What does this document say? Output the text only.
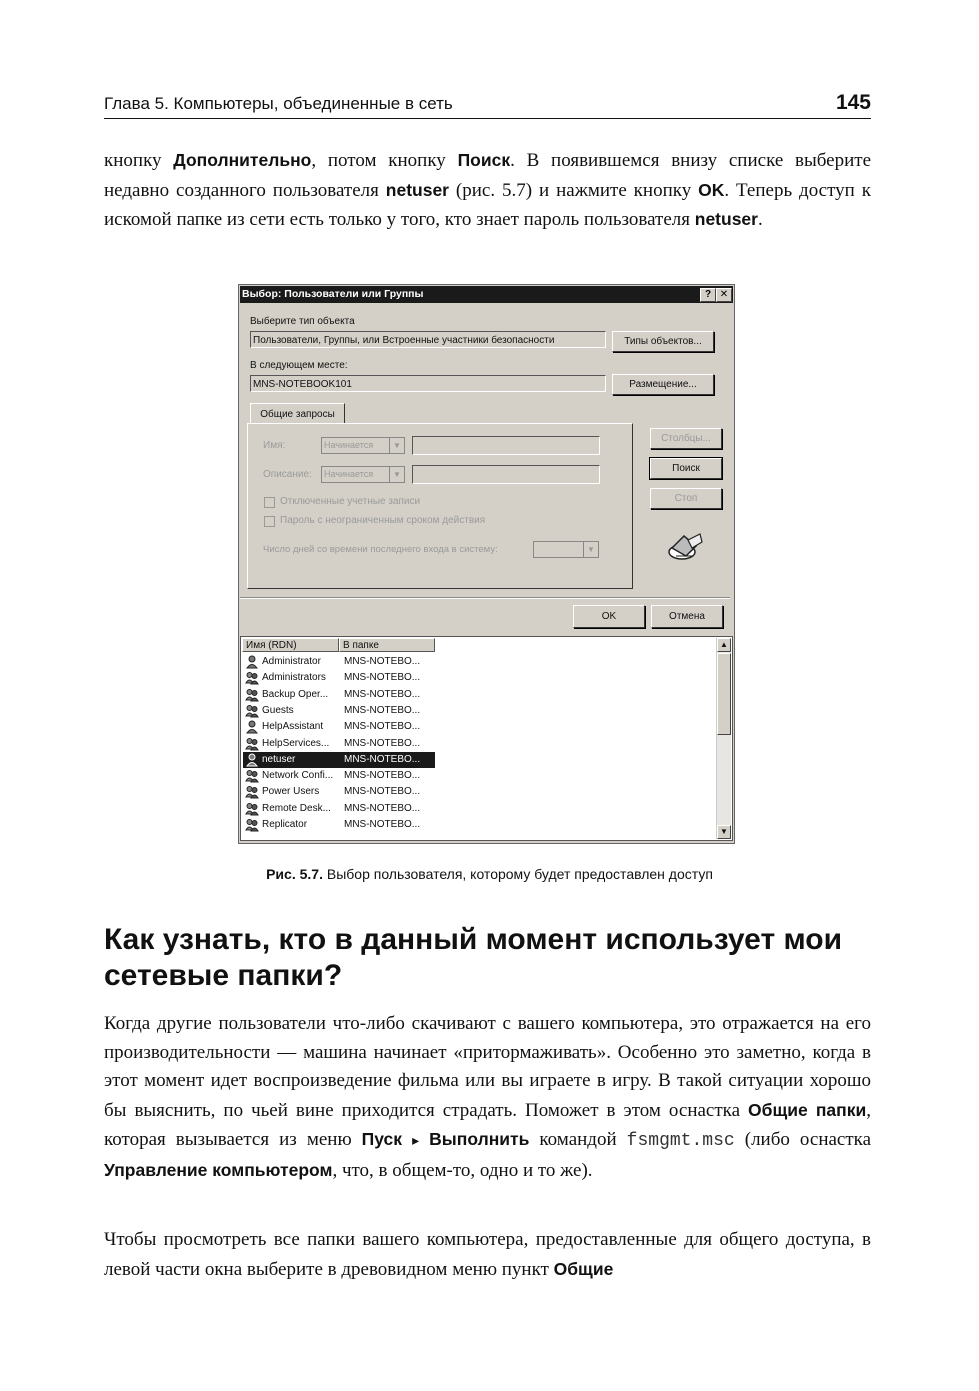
Глава 5. Компьютеры, объединенные в сеть	145
кнопку Дополнительно, потом кнопку Поиск. В появившемся внизу списке выберите недавно созданного пользователя netuser (рис. 5.7) и нажмите кнопку OK. Теперь доступ к искомой папке из сети есть только у того, кто знает пароль пользователя netuser.
Выбор: Пользователи или Группы	? ✕
Выберите тип объекта
Пользователи, Группы, или Встроенные участники безопасности	Типы объектов...
В следующем месте:
MNS-NOTEBOOK101	Размещение...
Общие запросы
Имя:	Начинается	▼
Описание:	Начинается	▼
Отключенные учетные записи
Пароль с неограниченным сроком действия
Число дней со времени последнего входа в систему:	▼
Столбцы...
Поиск
Стоп
OK	Отмена
Имя (RDN)	В папке
Administrator	MNS-NOTEBO...
Administrators	MNS-NOTEBO...
Backup Oper...	MNS-NOTEBO...
Guests	MNS-NOTEBO...
HelpAssistant	MNS-NOTEBO...
HelpServices...	MNS-NOTEBO...
netuser	MNS-NOTEBO...
Network Confi...	MNS-NOTEBO...
Power Users	MNS-NOTEBO...
Remote Desk...	MNS-NOTEBO...
Replicator	MNS-NOTEBO...
▲
▼
Рис. 5.7. Выбор пользователя, которому будет предоставлен доступ
Как узнать, кто в данный момент использует мои сетевые папки?
Когда другие пользователи что-либо скачивают с вашего компьютера, это отражается на его производительности — машина начинает «притормаживать». Особенно это заметно, когда в этот момент идет воспроизведение фильма или вы играете в игру. В такой ситуации хорошо бы выяснить, по чьей вине приходится страдать. Поможет в этом оснастка Общие папки, которая вызывается из меню Пуск ▸ Выполнить командой fsmgmt.msc (либо оснастка Управление компьютером, что, в общем-то, одно и то же).
Чтобы просмотреть все папки вашего компьютера, предоставленные для общего доступа, в левой части окна выберите в древовидном меню пункт Общие
